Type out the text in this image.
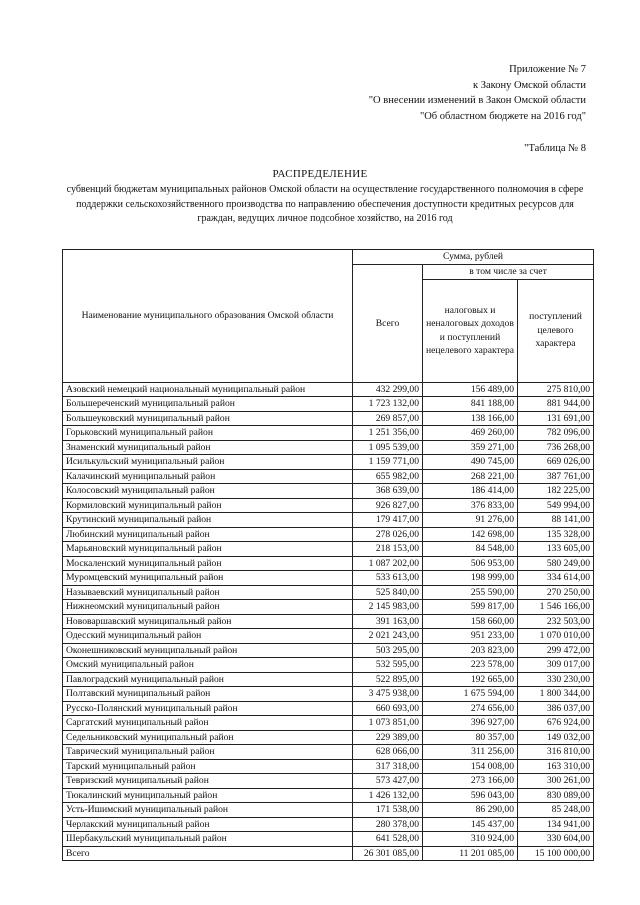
Приложение № 7
к Закону Омской области
"О внесении изменений в Закон Омской области
"Об областном бюджете на 2016 год"
"Таблица № 8
РАСПРЕДЕЛЕНИЕ
субвенций бюджетам муниципальных районов Омской области на осуществление государственного полномочия в сфере поддержки сельскохозяйственного производства по направлению обеспечения доступности кредитных ресурсов для граждан, ведущих личное подсобное хозяйство, на 2016 год
Наименование муниципального образования Омской области	Сумма, рублей		
	Всего	в том числе за счет	
		налоговых и неналоговых доходов и поступлений нецелевого характера	поступлений целевого характера
Азовский немецкий национальный муниципальный район	432 299,00	156 489,00	275 810,00
Большереченский муниципальный район	1 723 132,00	841 188,00	881 944,00
Большеуковский муниципальный район	269 857,00	138 166,00	131 691,00
Горьковский муниципальный район	1 251 356,00	469 260,00	782 096,00
Знаменский муниципальный район	1 095 539,00	359 271,00	736 268,00
Исилькульский муниципальный район	1 159 771,00	490 745,00	669 026,00
Калачинский муниципальный район	655 982,00	268 221,00	387 761,00
Колосовский муниципальный район	368 639,00	186 414,00	182 225,00
Кормиловский муниципальный район	926 827,00	376 833,00	549 994,00
Крутинский муниципальный район	179 417,00	91 276,00	88 141,00
Любинский муниципальный район	278 026,00	142 698,00	135 328,00
Марьяновский муниципальный район	218 153,00	84 548,00	133 605,00
Москаленский муниципальный район	1 087 202,00	506 953,00	580 249,00
Муромцевский муниципальный район	533 613,00	198 999,00	334 614,00
Называевский муниципальный район	525 840,00	255 590,00	270 250,00
Нижнеомский муниципальный район	2 145 983,00	599 817,00	1 546 166,00
Нововаршавский муниципальный район	391 163,00	158 660,00	232 503,00
Одесский муниципальный район	2 021 243,00	951 233,00	1 070 010,00
Оконешниковский муниципальный район	503 295,00	203 823,00	299 472,00
Омский муниципальный район	532 595,00	223 578,00	309 017,00
Павлоградский муниципальный район	522 895,00	192 665,00	330 230,00
Полтавский муниципальный район	3 475 938,00	1 675 594,00	1 800 344,00
Русско-Полянский муниципальный район	660 693,00	274 656,00	386 037,00
Саргатский муниципальный район	1 073 851,00	396 927,00	676 924,00
Седельниковский муниципальный район	229 389,00	80 357,00	149 032,00
Таврический муниципальный район	628 066,00	311 256,00	316 810,00
Тарский муниципальный район	317 318,00	154 008,00	163 310,00
Тевризский муниципальный район	573 427,00	273 166,00	300 261,00
Тюкалинский муниципальный район	1 426 132,00	596 043,00	830 089,00
Усть-Ишимский муниципальный район	171 538,00	86 290,00	85 248,00
Черлакский муниципальный район	280 378,00	145 437,00	134 941,00
Шербакульский муниципальный район	641 528,00	310 924,00	330 604,00
Всего	26 301 085,00	11 201 085,00	15 100 000,00
